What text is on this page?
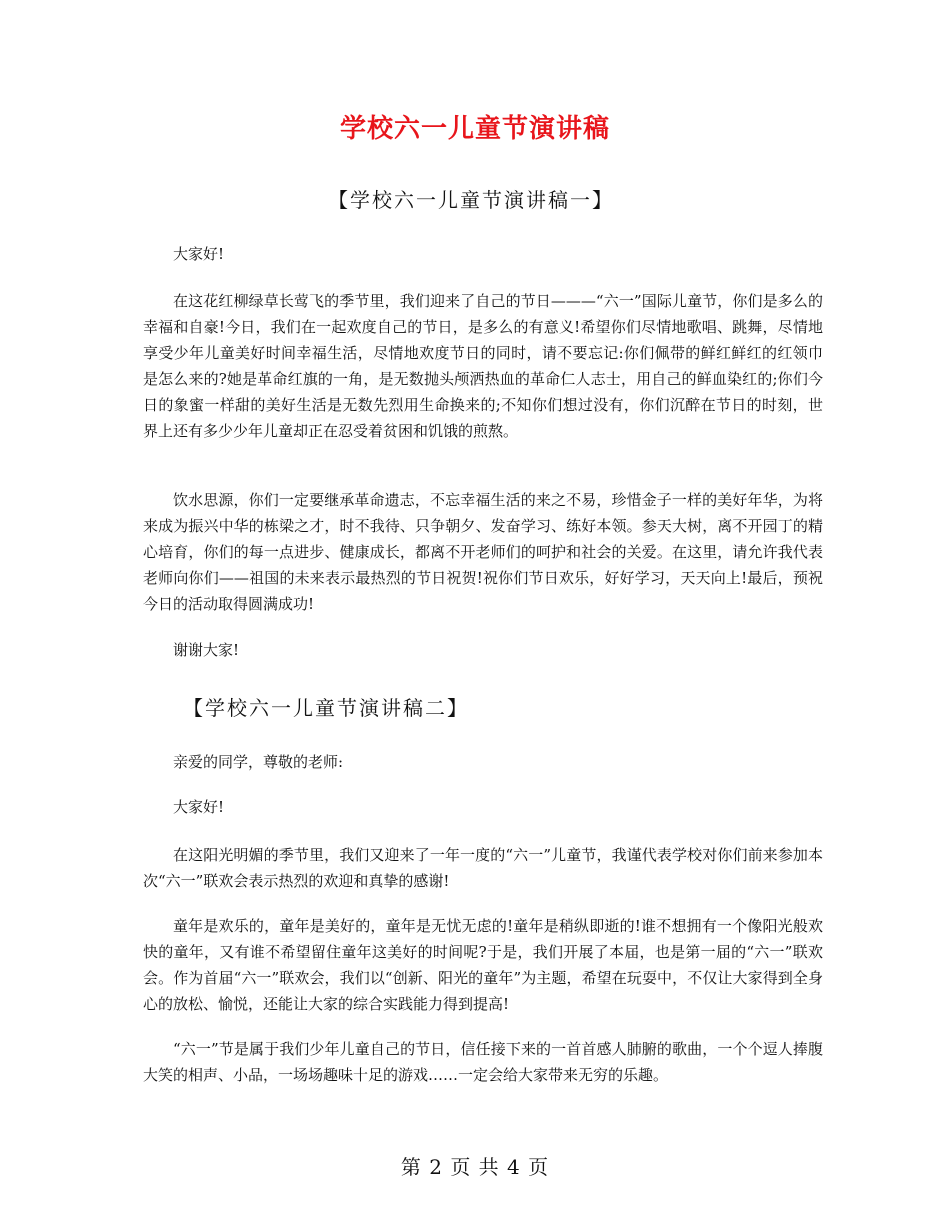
学校六一儿童节演讲稿
【学校六一儿童节演讲稿一】
大家好!
在这花红柳绿草长莺飞的季节里，我们迎来了自己的节日———“六一”国际儿童节，你们是多么的幸福和自豪!今日，我们在一起欢度自己的节日，是多么的有意义!希望你们尽情地歌唱、跳舞，尽情地享受少年儿童美好时间幸福生活，尽情地欢度节日的同时，请不要忘记:你们佩带的鲜红鲜红的红领巾是怎么来的?她是革命红旗的一角，是无数抛头颅洒热血的革命仁人志士，用自己的鲜血染红的;你们今日的象蜜一样甜的美好生活是无数先烈用生命换来的;不知你们想过没有，你们沉醉在节日的时刻，世界上还有多少少年儿童却正在忍受着贫困和饥饿的煎熬。
饮水思源，你们一定要继承革命遗志，不忘幸福生活的来之不易，珍惜金子一样的美好年华，为将来成为振兴中华的栋梁之才，时不我待、只争朝夕、发奋学习、练好本领。参天大树，离不开园丁的精心培育，你们的每一点进步、健康成长，都离不开老师们的呵护和社会的关爱。在这里，请允许我代表老师向你们——祖国的未来表示最热烈的节日祝贺!祝你们节日欢乐，好好学习，天天向上!最后，预祝今日的活动取得圆满成功!
谢谢大家!
【学校六一儿童节演讲稿二】
亲爱的同学，尊敬的老师:
大家好!
在这阳光明媚的季节里，我们又迎来了一年一度的“六一”儿童节，我谨代表学校对你们前来参加本次“六一”联欢会表示热烈的欢迎和真挚的感谢!
童年是欢乐的，童年是美好的，童年是无忧无虑的!童年是稍纵即逝的!谁不想拥有一个像阳光般欢快的童年，又有谁不希望留住童年这美好的时间呢?于是，我们开展了本届，也是第一届的“六一”联欢会。作为首届“六一”联欢会，我们以“创新、阳光的童年”为主题，希望在玩耍中，不仅让大家得到全身心的放松、愉悦，还能让大家的综合实践能力得到提高!
“六一”节是属于我们少年儿童自己的节日，信任接下来的一首首感人肺腑的歌曲，一个个逗人捧腹大笑的相声、小品，一场场趣味十足的游戏……一定会给大家带来无穷的乐趣。
第 2 页 共 4 页
